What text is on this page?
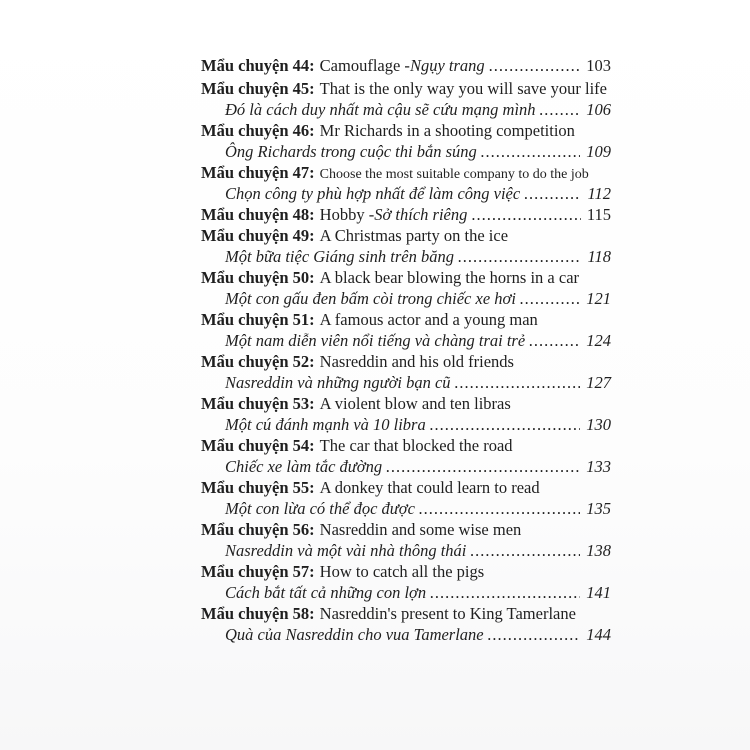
Mẩu chuyện 44: Camouflage - Ngụy trang .....	103
Mẩu chuyện 45: That is the only way you will save your life
Đó là cách duy nhất mà cậu sẽ cứu mạng mình .....	106
Mẩu chuyện 46: Mr Richards in a shooting competition
Ông Richards trong cuộc thi bắn súng .....	109
Mẩu chuyện 47: Choose the most suitable company to do the job
Chọn công ty phù hợp nhất để làm công việc .....	112
Mẩu chuyện 48: Hobby - Sở thích riêng .....	115
Mẩu chuyện 49: A Christmas party on the ice
Một bữa tiệc Giáng sinh trên băng .....	118
Mẩu chuyện 50: A black bear blowing the horns in a car
Một con gấu đen bấm còi trong chiếc xe hơi .....	121
Mẩu chuyện 51: A famous actor and a young man
Một nam diễn viên nổi tiếng và chàng trai trẻ .....	124
Mẩu chuyện 52: Nasreddin and his old friends
Nasreddin và những người bạn cũ .....	127
Mẩu chuyện 53: A violent blow and ten libras
Một cú đánh mạnh và 10 libra .....	130
Mẩu chuyện 54: The car that blocked the road
Chiếc xe làm tắc đường .....	133
Mẩu chuyện 55: A donkey that could learn to read
Một con lừa có thể đọc được .....	135
Mẩu chuyện 56: Nasreddin and some wise men
Nasreddin và một vài nhà thông thái .....	138
Mẩu chuyện 57: How to catch all the pigs
Cách bắt tất cả những con lợn .....	141
Mẩu chuyện 58: Nasreddin's present to King Tamerlane
Quà của Nasreddin cho vua Tamerlane .....	144
